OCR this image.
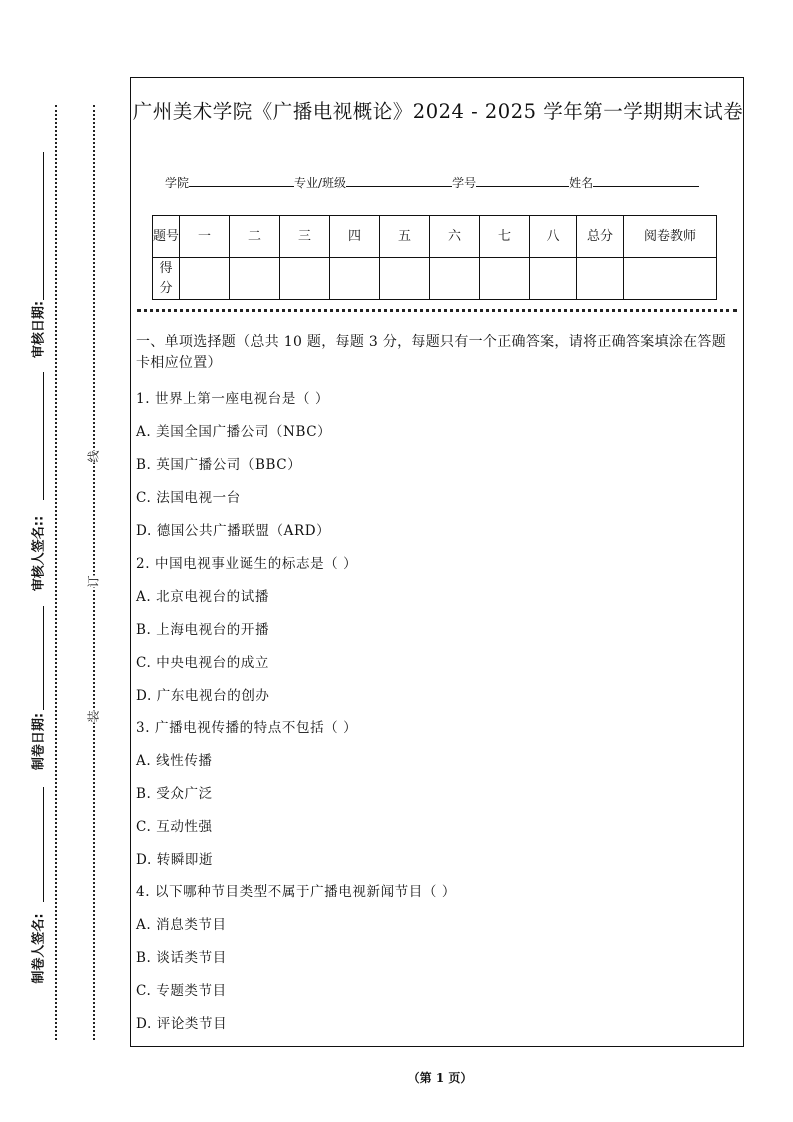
审核日期:
审核人签名::
制卷日期:
制卷人签名:
线
订
装
广州美术学院《广播电视概论》2024 - 2025 学年第一学期期末试卷
学院	专业/班级	学号	姓名
题号	一	二	三	四	五	六	七	八	总分	阅卷教师
得分										

一、单项选择题（总共 10 题，每题 3 分，每题只有一个正确答案，请将正确答案填涂在答题卡相应位置）

1. 世界上第一座电视台是（ ）
A. 美国全国广播公司（NBC）
B. 英国广播公司（BBC）
C. 法国电视一台
D. 德国公共广播联盟（ARD）
2. 中国电视事业诞生的标志是（ ）
A. 北京电视台的试播
B. 上海电视台的开播
C. 中央电视台的成立
D. 广东电视台的创办
3. 广播电视传播的特点不包括（ ）
A. 线性传播
B. 受众广泛
C. 互动性强
D. 转瞬即逝
4. 以下哪种节目类型不属于广播电视新闻节目（ ）
A. 消息类节目
B. 谈话类节目
C. 专题类节目
D. 评论类节目
（第 1 页）
